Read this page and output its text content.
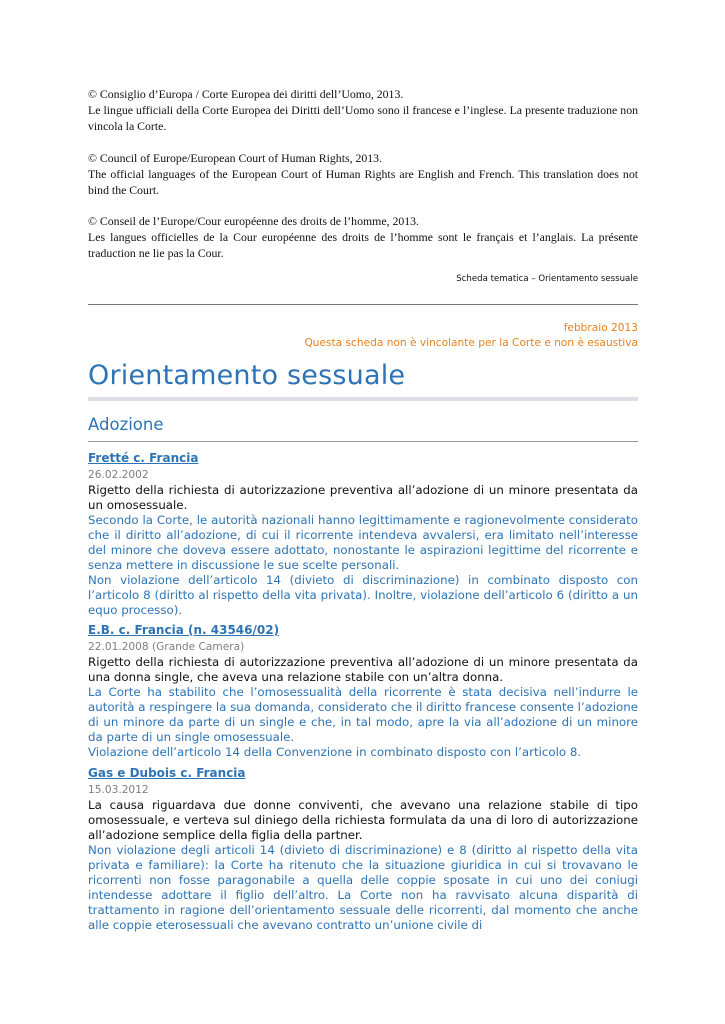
© Consiglio d’Europa / Corte Europea dei diritti dell’Uomo, 2013.

Le lingue ufficiali della Corte Europea dei Diritti dell’Uomo sono il francese e l’inglese. La presente traduzione non vincola la Corte.

© Council of Europe/European Court of Human Rights, 2013.

The official languages of the European Court of Human Rights are English and French. This translation does not bind the Court.

© Conseil de l’Europe/Cour européenne des droits de l’homme, 2013.

Les langues officielles de la Cour européenne des droits de l’homme sont le français et l’anglais. La présente traduction ne lie pas la Cour.

Scheda tematica – Orientamento sessuale
febbraio 2013
Questa scheda non è vincolante per la Corte e non è esaustiva
Orientamento sessuale
Adozione

Fretté c. Francia

26.02.2002

Rigetto della richiesta di autorizzazione preventiva all’adozione di un minore presentata da un omosessuale.

Secondo la Corte, le autorità nazionali hanno legittimamente e ragionevolmente considerato che il diritto all’adozione, di cui il ricorrente intendeva avvalersi, era limitato nell’interesse del minore che doveva essere adottato, nonostante le aspirazioni legittime del ricorrente e senza mettere in discussione le sue scelte personali.

Non violazione dell’articolo 14 (divieto di discriminazione) in combinato disposto con l’articolo 8 (diritto al rispetto della vita privata). Inoltre, violazione dell’articolo 6 (diritto a un equo processo).

E.B. c. Francia (n. 43546/02)

22.01.2008 (Grande Camera)

Rigetto della richiesta di autorizzazione preventiva all’adozione di un minore presentata da una donna single, che aveva una relazione stabile con un’altra donna.

La Corte ha stabilito che l’omosessualità della ricorrente è stata decisiva nell’indurre le autorità a respingere la sua domanda, considerato che il diritto francese consente l’adozione di un minore da parte di un single e che, in tal modo, apre la via all’adozione di un minore da parte di un single omosessuale.

Violazione dell’articolo 14 della Convenzione in combinato disposto con l’articolo 8.

Gas e Dubois c. Francia

15.03.2012

La causa riguardava due donne conviventi, che avevano una relazione stabile di tipo omosessuale, e verteva sul diniego della richiesta formulata da una di loro di autorizzazione all’adozione semplice della figlia della partner.

Non violazione degli articoli 14 (divieto di discriminazione) e 8 (diritto al rispetto della vita privata e familiare): la Corte ha ritenuto che la situazione giuridica in cui si trovavano le ricorrenti non fosse paragonabile a quella delle coppie sposate in cui uno dei coniugi intendesse adottare il figlio dell’altro. La Corte non ha ravvisato alcuna disparità di trattamento in ragione dell’orientamento sessuale delle ricorrenti, dal momento che anche alle coppie eterosessuali che avevano contratto un’unione civile di
